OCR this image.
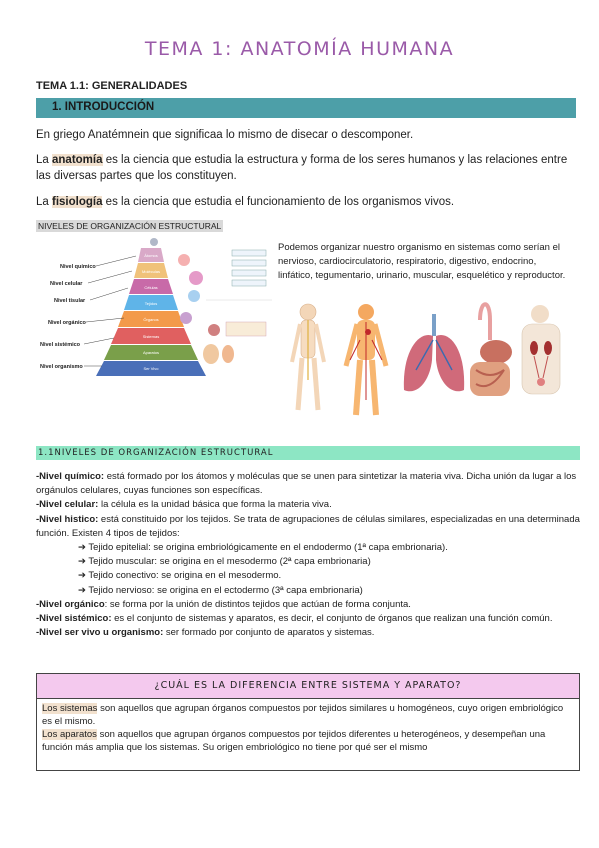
TEMA 1: ANATOMÍA HUMANA
TEMA 1.1: GENERALIDADES
1. INTRODUCCIÓN
En griego Anatémnein que significaa lo mismo de disecar o descomponer.
La anatomía es la ciencia que estudia la estructura y forma de los seres humanos y las relaciones entre las diversas partes que los constituyen.
La fisiología es la ciencia que estudia el funcionamiento de los organismos vivos.
NIVELES DE ORGANIZACIÓN ESTRUCTURAL
Átomos
Moléculas
Células
Tejidos
Órganos
Sistemas
Aparatos
Ser Vivo
Nivel químico
Nivel celular
Nivel tisular
Nivel orgánico
Nivel sistémico
Nivel organismo
Podemos organizar nuestro organismo en sistemas como serían el nervioso, cardiocirculatorio, respiratorio, digestivo, endocrino, linfático, tegumentario, urinario, muscular, esquelético y reproductor.
1.1NIVELES DE ORGANIZACIÓN ESTRUCTURAL
-Nivel químico: está formado por los átomos y moléculas que se unen para sintetizar la materia viva. Dicha unión da lugar a los orgánulos celulares, cuyas funciones son específicas.
-Nivel celular: la célula es la unidad básica que forma la materia viva.
-Nivel histico: está constituido por los tejidos. Se trata de agrupaciones de células similares, especializadas en una determinada función. Existen 4 tipos de tejidos:
➔ Tejido epitelial: se origina embriológicamente en el endodermo (1ª capa embrionaria).
➔ Tejido muscular: se origina en el mesodermo (2ª capa embrionaria)
➔ Tejido conectivo: se origina en el mesodermo.
➔ Tejido nervioso: se origina en el ectodermo (3ª capa embrionaria)
-Nivel orgánico: se forma por la unión de distintos tejidos que actúan de forma conjunta.
-Nivel sistémico: es el conjunto de sistemas y aparatos, es decir, el conjunto de órganos que realizan una función común.
-Nivel ser vivo u organismo: ser formado por conjunto de aparatos y sistemas.
¿CUÁL ES LA DIFERENCIA ENTRE SISTEMA Y APARATO?
Los sistemas son aquellos que agrupan órganos compuestos por tejidos similares u homogéneos, cuyo origen embriológico es el mismo.
Los aparatos son aquellos que agrupan órganos compuestos por tejidos diferentes u heterogéneos, y desempeñan una función más amplia que los sistemas. Su origen embriológico no tiene por qué ser el mismo
